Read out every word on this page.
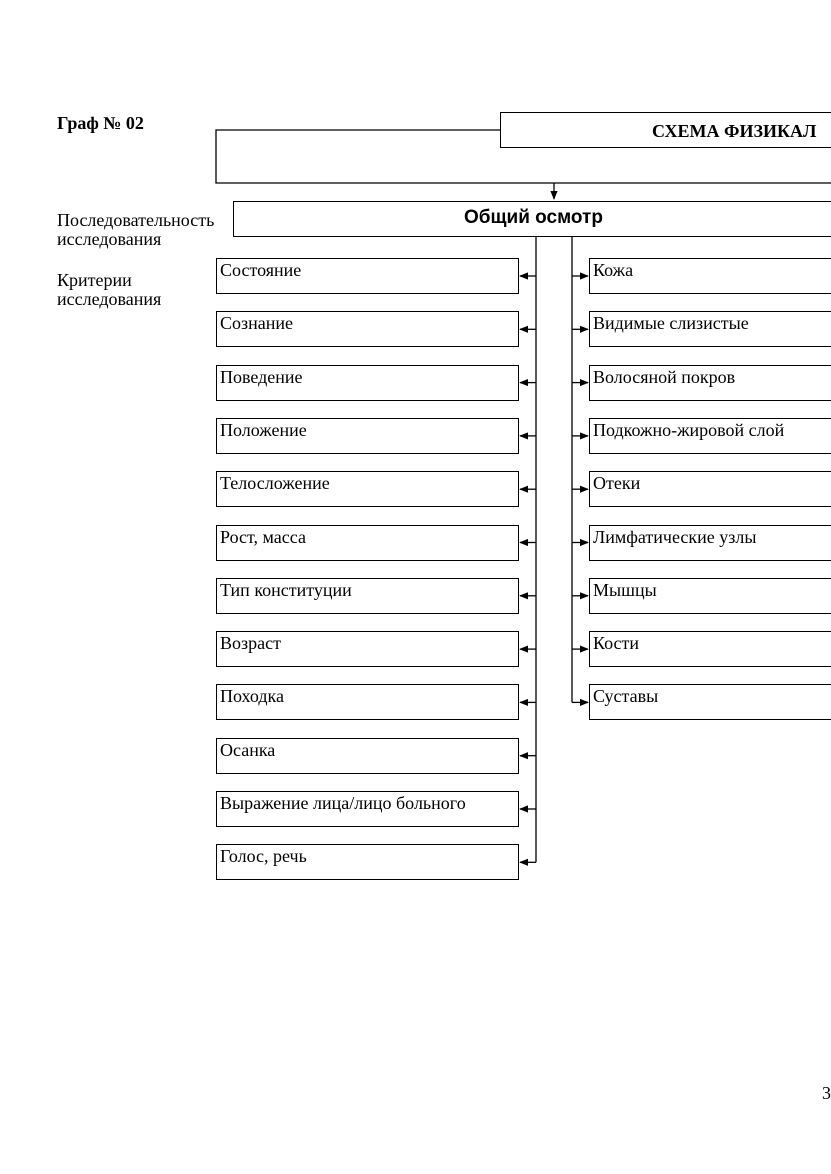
Граф № 02
Последовательность исследования
Критерии исследования
СХЕМА ФИЗИКАЛ
Общий осмотр
Состояние
Сознание
Поведение
Положение
Телосложение
Рост, масса
Тип конституции
Возраст
Походка
Осанка
Выражение лица/лицо больного
Голос, речь
Кожа
Видимые слизистые
Волосяной покров
Подкожно-жировой слой
Отеки
Лимфатические узлы
Мышцы
Кости
Суставы
3
